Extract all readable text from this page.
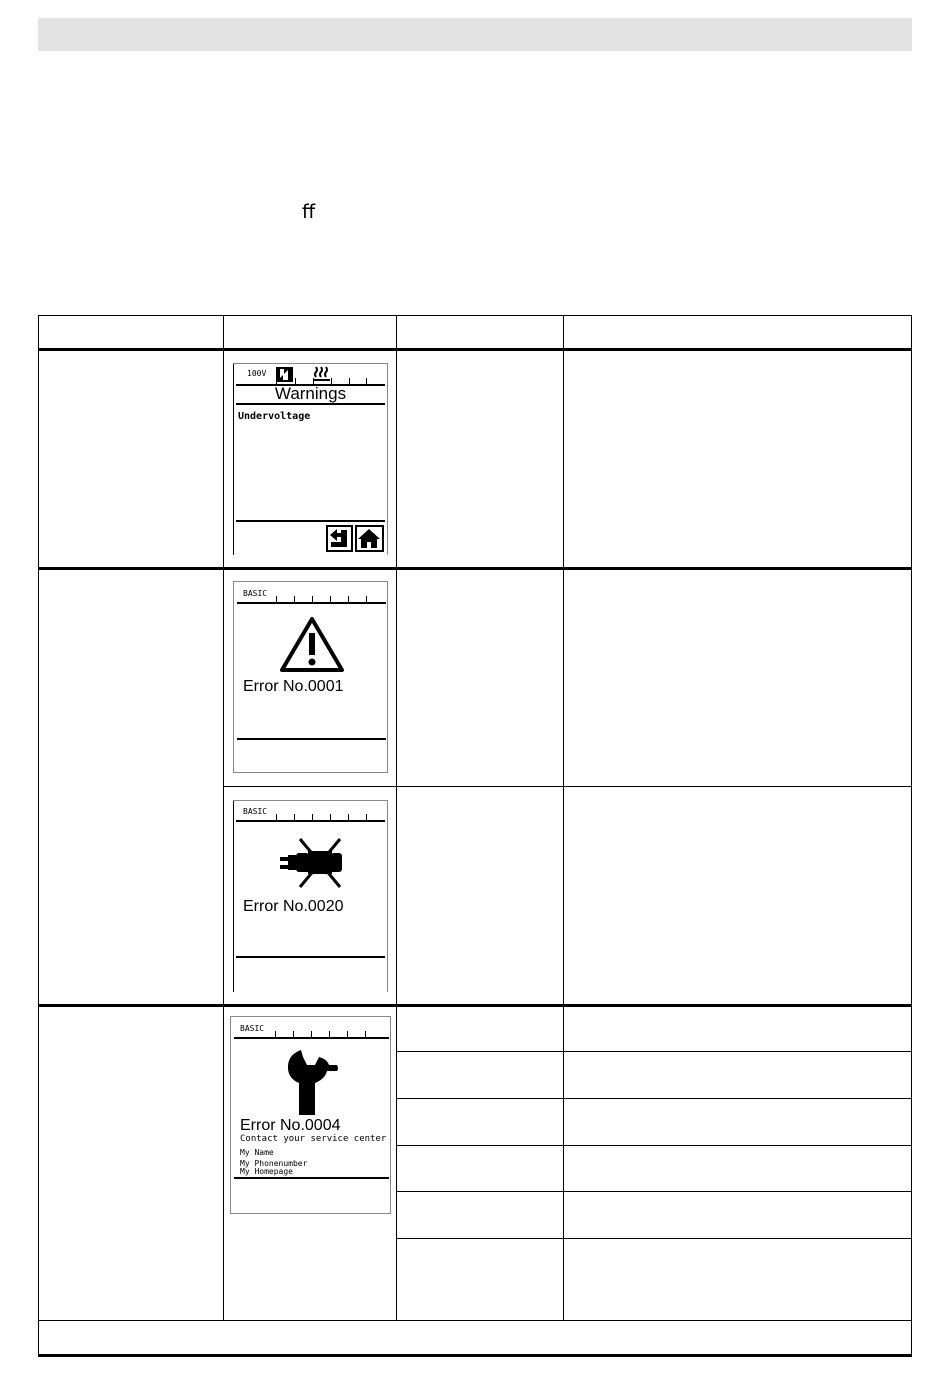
ﬀ
100V
Warnings
Undervoltage
BASIC
Error No.0001
BASIC
Error No.0020
BASIC
Error No.0004
Contact your service center
My Name
My Phonenumber
My Homepage
